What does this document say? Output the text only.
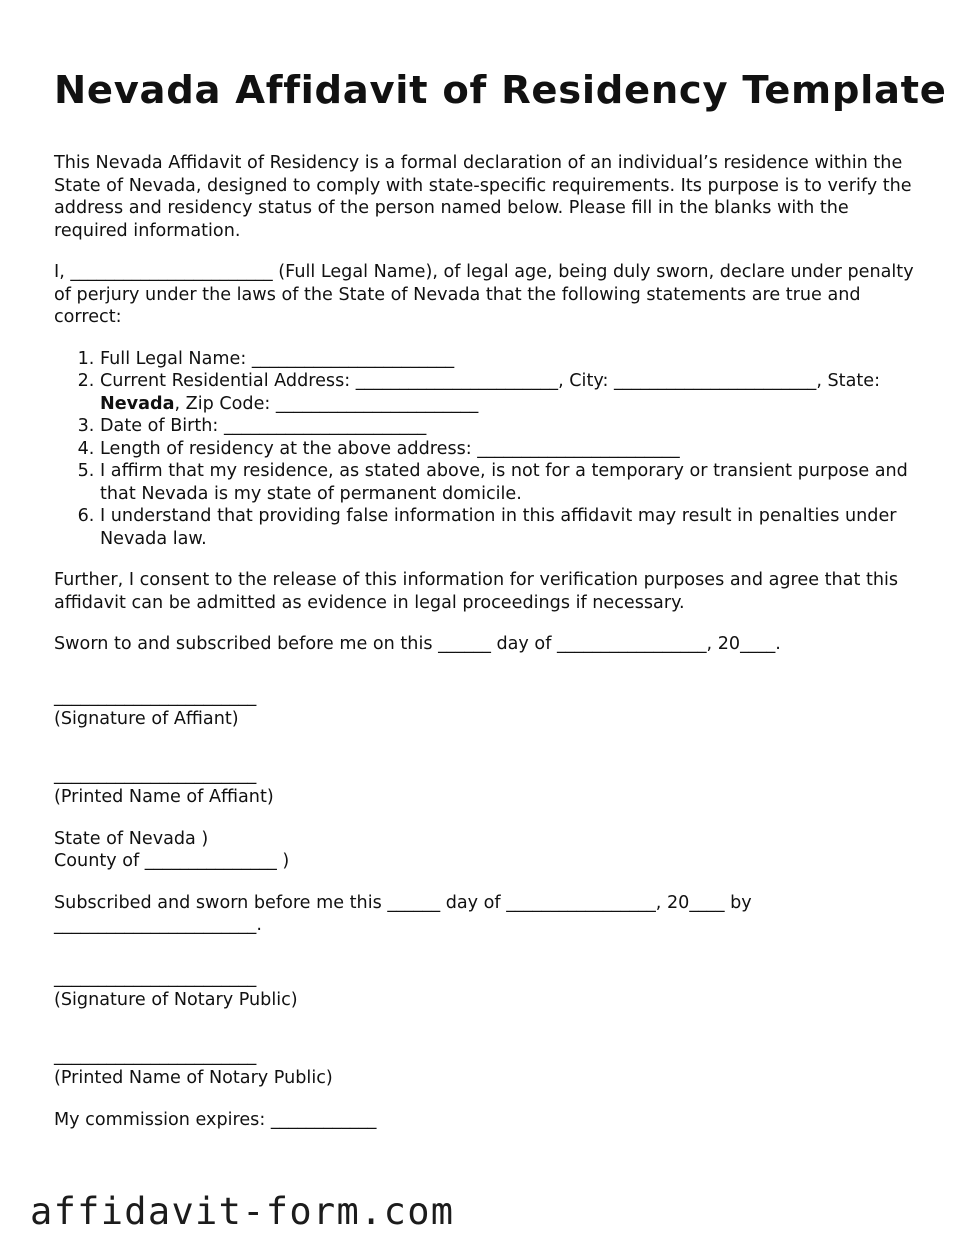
Nevada Affidavit of Residency Template

This Nevada Affidavit of Residency is a formal declaration of an individual’s residence within the State of Nevada, designed to comply with state-specific requirements. Its purpose is to verify the address and residency status of the person named below. Please fill in the blanks with the required information.

I, _______________________ (Full Legal Name), of legal age, being duly sworn, declare under penalty of perjury under the laws of the State of Nevada that the following statements are true and correct:

1. Full Legal Name: _______________________
2. Current Residential Address: _______________________, City: _______________________, State: Nevada, Zip Code: _______________________
3. Date of Birth: _______________________
4. Length of residency at the above address: _______________________
5. I affirm that my residence, as stated above, is not for a temporary or transient purpose and that Nevada is my state of permanent domicile.
6. I understand that providing false information in this affidavit may result in penalties under Nevada law.

Further, I consent to the release of this information for verification purposes and agree that this affidavit can be admitted as evidence in legal proceedings if necessary.

Sworn to and subscribed before me on this ______ day of _________________, 20____.

_______________________
(Signature of Affiant)
_______________________
(Printed Name of Affiant)

State of Nevada )
County of _______________ )

Subscribed and sworn before me this ______ day of _________________, 20____ by
_______________________.

_______________________
(Signature of Notary Public)
_______________________
(Printed Name of Notary Public)

My commission expires: ____________

affidavit-form.com
